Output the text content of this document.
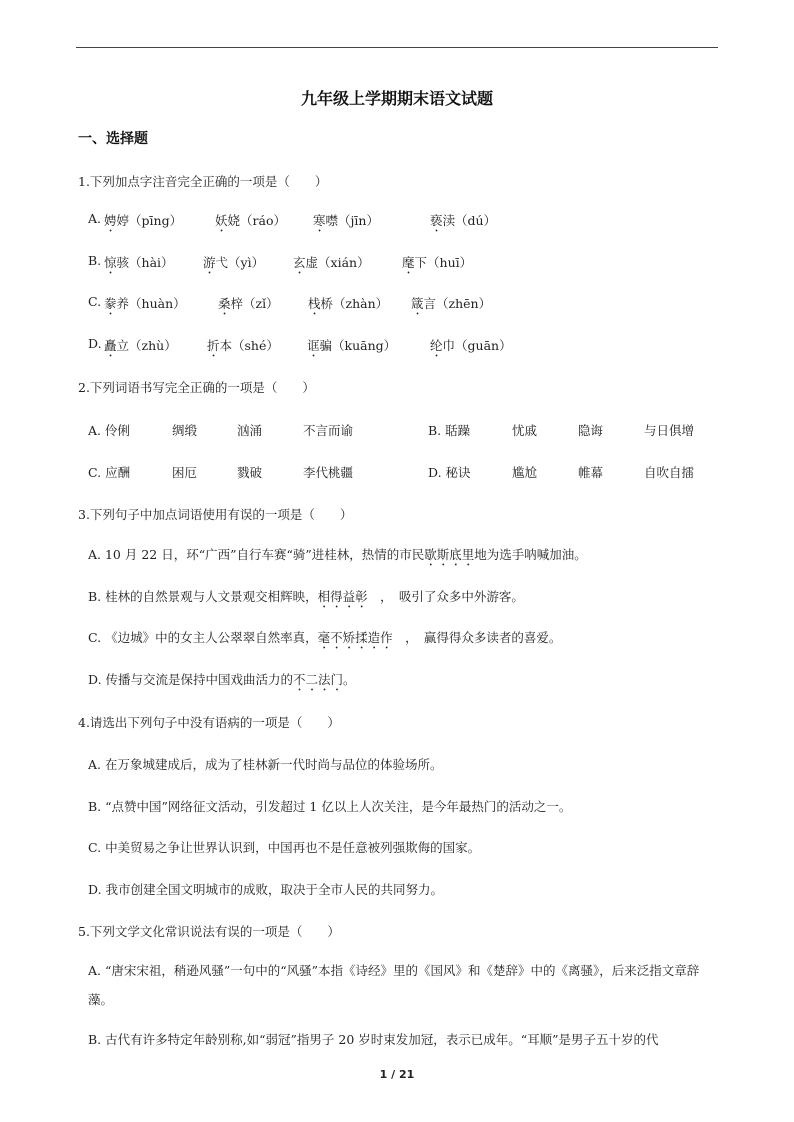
九年级上学期期末语文试题
一、选择题
1.下列加点字注音完全正确的一项是（　　）
A. 娉婷（pīng）	妖娆（ráo） 寒噤（jīn）	亵渎（dú）
B. 惊骇（hài） 游弋（yì） 玄虚（xián）	麾下（huī）
C. 豢养（huàn）	桑梓（zǐ） 栈桥（zhàn） 箴言（zhēn）
D. 矗立（zhù） 折本（shé） 诓骗（kuāng）	纶巾（guān）
2.下列词语书写完全正确的一项是（　　）
A. 伶俐	绸缎	汹涌	不言而谕	B. 聒躁	忧戚	隐诲	与日俱增
C. 应酬	困厄	戮破	李代桃疆	D. 秘诀	尴尬	帷幕	自吹自擂
3.下列句子中加点词语使用有误的一项是（　　）
A. 10 月 22 日，环“广西”自行车赛“骑”进桂林，热情的市民歇斯底里地为选手呐喊加油。
B. 桂林的自然景观与人文景观交相辉映，相得益彰　，　吸引了众多中外游客。
C. 《边城》中的女主人公翠翠自然率真，毫不矫揉造作　，　赢得得众多读者的喜爱。
D. 传播与交流是保持中国戏曲活力的不二法门。
4.请选出下列句子中没有语病的一项是（　　）
A. 在万象城建成后，成为了桂林新一代时尚与品位的体验场所。
B. “点赞中国”网络征文活动，引发超过 1 亿以上人次关注，是今年最热门的活动之一。
C. 中美贸易之争让世界认识到，中国再也不是任意被列强欺侮的国家。
D. 我市创建全国文明城市的成败，取决于全市人民的共同努力。
5.下列文学文化常识说法有误的一项是（　　）
A. “唐宋宋祖，稍逊风骚”一句中的“风骚”本指《诗经》里的《国风》和《楚辞》中的《离骚》，后来泛指文章辞藻。
B. 古代有许多特定年龄别称,如“弱冠”指男子 20 岁时束发加冠，表示已成年。“耳顺”是男子五十岁的代
1 / 21
